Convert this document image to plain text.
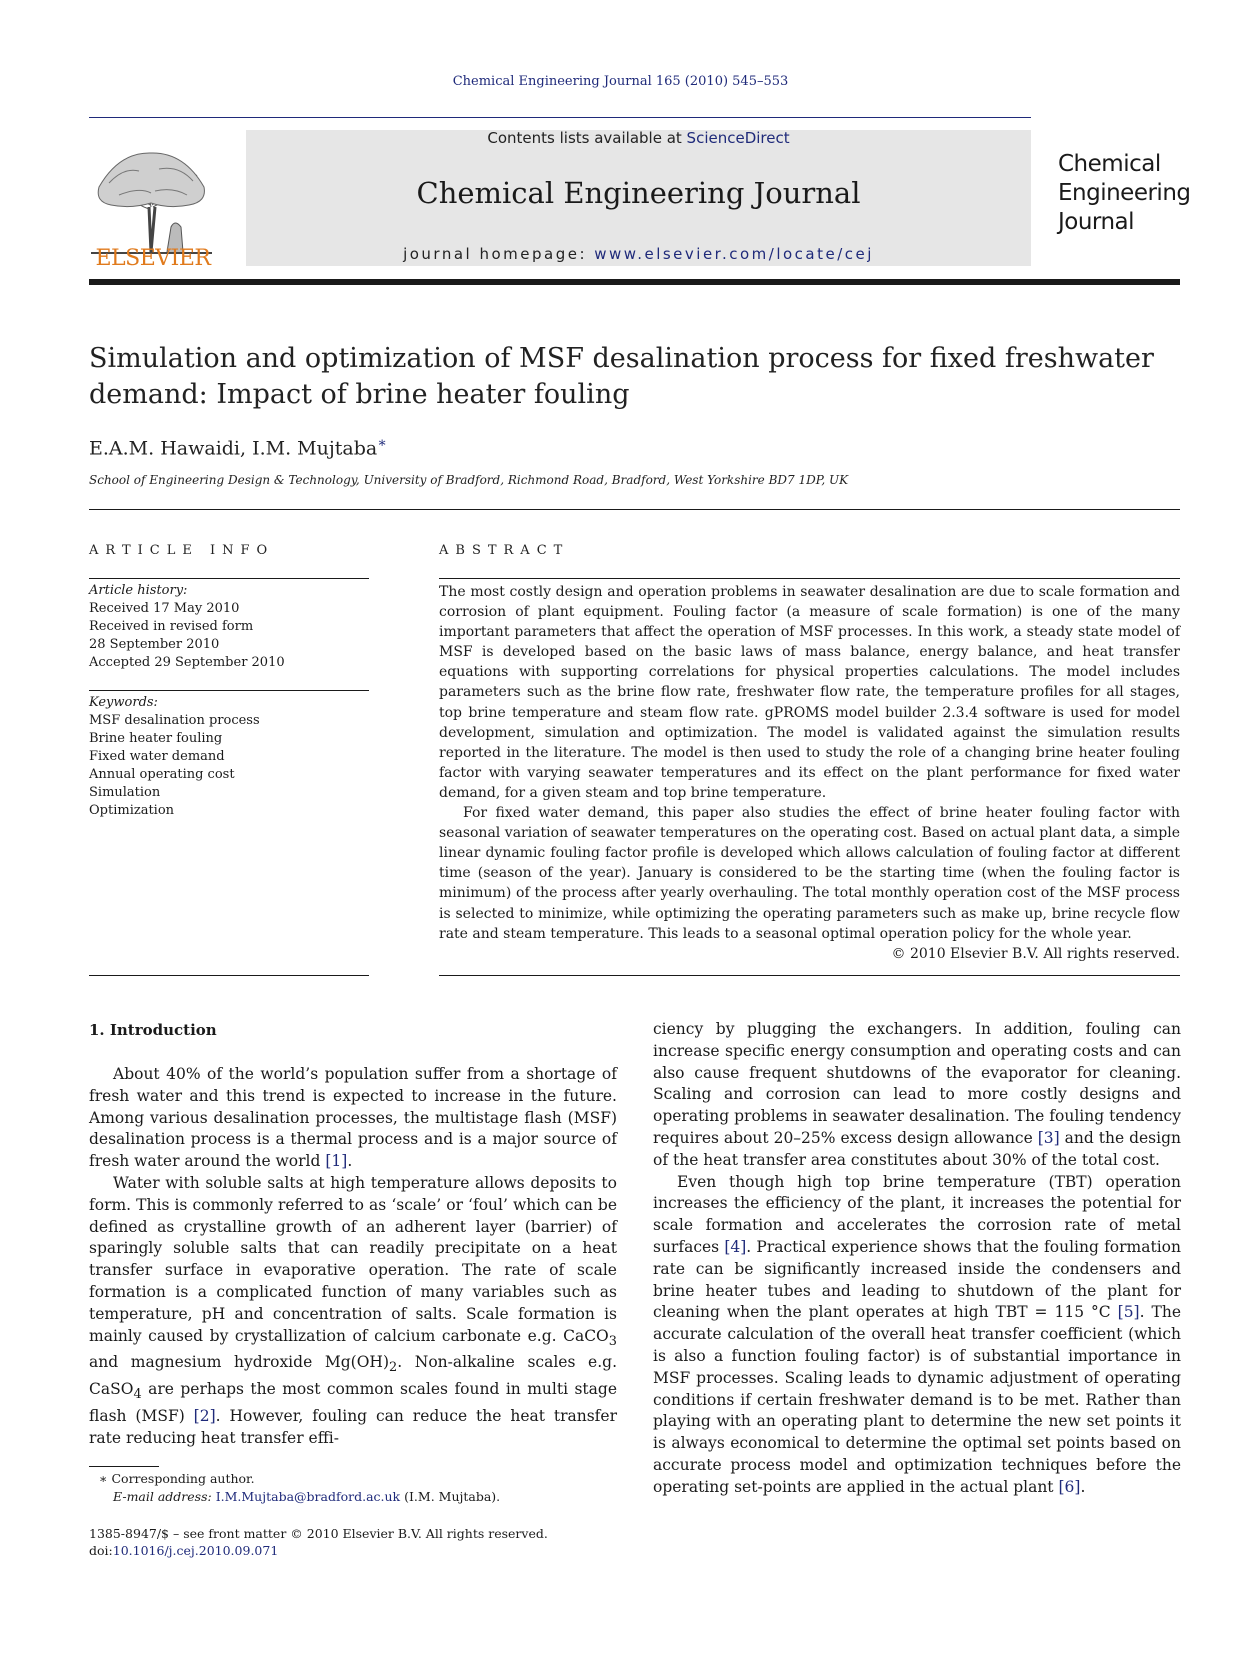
Chemical Engineering Journal 165 (2010) 545–553
ELSEVIER
Contents lists available at ScienceDirect
Chemical Engineering Journal
journal homepage: www.elsevier.com/locate/cej
Chemical
Engineering
Journal
Simulation and optimization of MSF desalination process for fixed freshwater demand: Impact of brine heater fouling
E.A.M. Hawaidi, I.M. Mujtaba∗
School of Engineering Design & Technology, University of Bradford, Richmond Road, Bradford, West Yorkshire BD7 1DP, UK
ARTICLE INFO	ABSTRACT
Article history:
Received 17 May 2010
Received in revised form
28 September 2010
Accepted 29 September 2010
Keywords:
MSF desalination process
Brine heater fouling
Fixed water demand
Annual operating cost
Simulation
Optimization

The most costly design and operation problems in seawater desalination are due to scale formation and corrosion of plant equipment. Fouling factor (a measure of scale formation) is one of the many important parameters that affect the operation of MSF processes. In this work, a steady state model of MSF is developed based on the basic laws of mass balance, energy balance, and heat transfer equations with supporting correlations for physical properties calculations. The model includes parameters such as the brine flow rate, freshwater flow rate, the temperature profiles for all stages, top brine temperature and steam flow rate. gPROMS model builder 2.3.4 software is used for model development, simulation and optimization. The model is validated against the simulation results reported in the literature. The model is then used to study the role of a changing brine heater fouling factor with varying seawater temperatures and its effect on the plant performance for fixed water demand, for a given steam and top brine temperature.

For fixed water demand, this paper also studies the effect of brine heater fouling factor with seasonal variation of seawater temperatures on the operating cost. Based on actual plant data, a simple linear dynamic fouling factor profile is developed which allows calculation of fouling factor at different time (season of the year). January is considered to be the starting time (when the fouling factor is minimum) of the process after yearly overhauling. The total monthly operation cost of the MSF process is selected to minimize, while optimizing the operating parameters such as make up, brine recycle flow rate and steam temperature. This leads to a seasonal optimal operation policy for the whole year.

© 2010 Elsevier B.V. All rights reserved.

1. Introduction

About 40% of the world’s population suffer from a shortage of fresh water and this trend is expected to increase in the future. Among various desalination processes, the multistage flash (MSF) desalination process is a thermal process and is a major source of fresh water around the world [1].

Water with soluble salts at high temperature allows deposits to form. This is commonly referred to as ‘scale’ or ‘foul’ which can be defined as crystalline growth of an adherent layer (barrier) of sparingly soluble salts that can readily precipitate on a heat transfer surface in evaporative operation. The rate of scale formation is a complicated function of many variables such as temperature, pH and concentration of salts. Scale formation is mainly caused by crystallization of calcium carbonate e.g. CaCO$_3$ and magnesium hydroxide $Mg(OH)_2$. Non-alkaline scales e.g. CaSO$_4$ are perhaps the most common scales found in multi stage flash (MSF) [2]. However, fouling can reduce the heat transfer rate reducing heat transfer effi-

ciency by plugging the exchangers. In addition, fouling can increase specific energy consumption and operating costs and can also cause frequent shutdowns of the evaporator for cleaning. Scaling and corrosion can lead to more costly designs and operating problems in seawater desalination. The fouling tendency requires about 20–25% excess design allowance [3] and the design of the heat transfer area constitutes about 30% of the total cost.

Even though high top brine temperature (TBT) operation increases the efficiency of the plant, it increases the potential for scale formation and accelerates the corrosion rate of metal surfaces [4]. Practical experience shows that the fouling formation rate can be significantly increased inside the condensers and brine heater tubes and leading to shutdown of the plant for cleaning when the plant operates at high TBT = 115 °C [5]. The accurate calculation of the overall heat transfer coefficient (which is also a function fouling factor) is of substantial importance in MSF processes. Scaling leads to dynamic adjustment of operating conditions if certain freshwater demand is to be met. Rather than playing with an operating plant to determine the new set points it is always economical to determine the optimal set points based on accurate process model and optimization techniques before the operating set-points are applied in the actual plant [6].

∗ Corresponding author.
E-mail address: I.M.Mujtaba@bradford.ac.uk (I.M. Mujtaba).
1385-8947/$ – see front matter © 2010 Elsevier B.V. All rights reserved.
doi:10.1016/j.cej.2010.09.071
